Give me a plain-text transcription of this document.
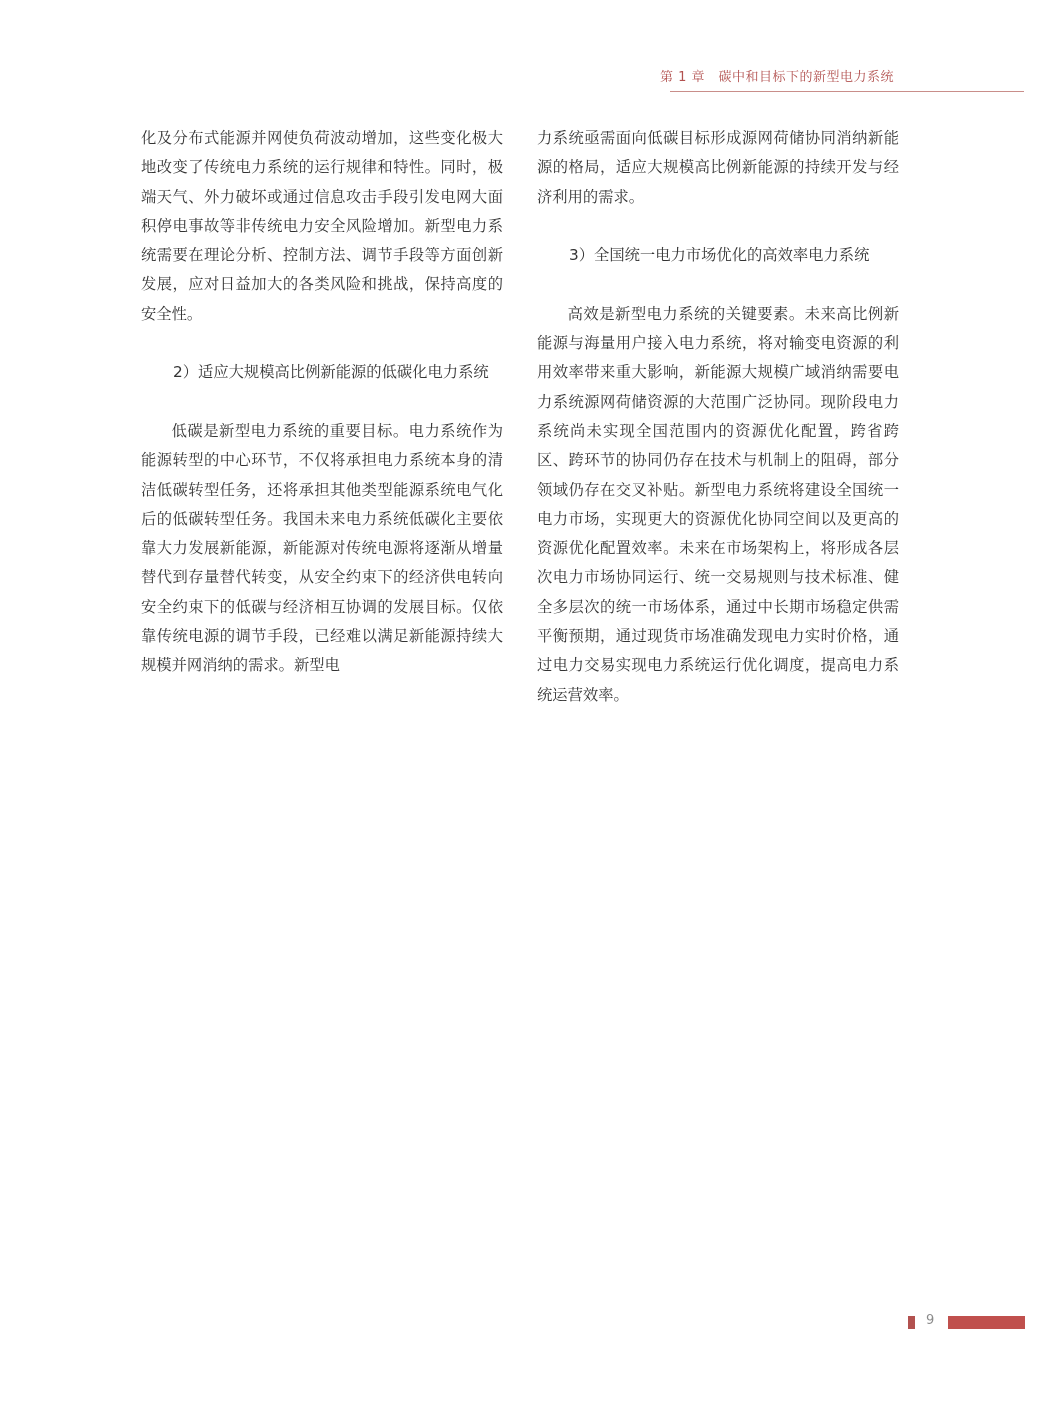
第 1 章　碳中和目标下的新型电力系统

化及分布式能源并网使负荷波动增加，这些变化极大地改变了传统电力系统的运行规律和特性。同时，极端天气、外力破坏或通过信息攻击手段引发电网大面积停电事故等非传统电力安全风险增加。新型电力系统需要在理论分析、控制方法、调节手段等方面创新发展，应对日益加大的各类风险和挑战，保持高度的安全性。

2）适应大规模高比例新能源的低碳化电力系统

低碳是新型电力系统的重要目标。电力系统作为能源转型的中心环节，不仅将承担电力系统本身的清洁低碳转型任务，还将承担其他类型能源系统电气化后的低碳转型任务。我国未来电力系统低碳化主要依靠大力发展新能源，新能源对传统电源将逐渐从增量替代到存量替代转变，从安全约束下的经济供电转向安全约束下的低碳与经济相互协调的发展目标。仅依靠传统电源的调节手段，已经难以满足新能源持续大规模并网消纳的需求。新型电

力系统亟需面向低碳目标形成源网荷储协同消纳新能源的格局，适应大规模高比例新能源的持续开发与经济利用的需求。

3）全国统一电力市场优化的高效率电力系统

高效是新型电力系统的关键要素。未来高比例新能源与海量用户接入电力系统，将对输变电资源的利用效率带来重大影响，新能源大规模广域消纳需要电力系统源网荷储资源的大范围广泛协同。现阶段电力系统尚未实现全国范围内的资源优化配置，跨省跨区、跨环节的协同仍存在技术与机制上的阻碍，部分领域仍存在交叉补贴。新型电力系统将建设全国统一电力市场，实现更大的资源优化协同空间以及更高的资源优化配置效率。未来在市场架构上，将形成各层次电力市场协同运行、统一交易规则与技术标准、健全多层次的统一市场体系，通过中长期市场稳定供需平衡预期，通过现货市场准确发现电力实时价格，通过电力交易实现电力系统运行优化调度，提高电力系统运营效率。

9
